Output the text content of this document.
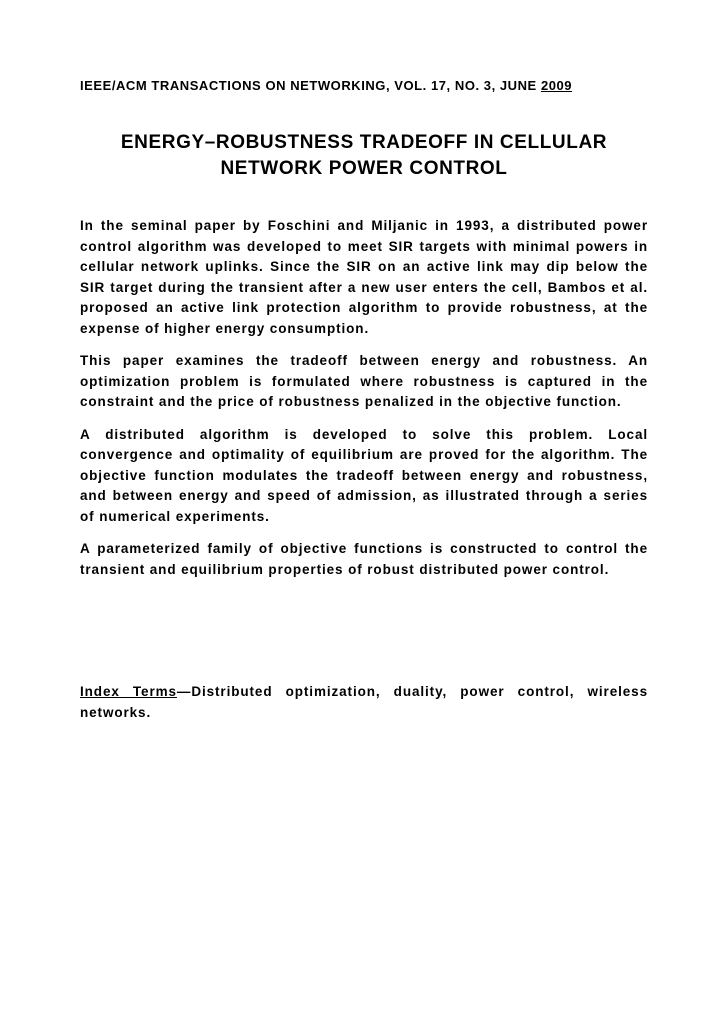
IEEE/ACM TRANSACTIONS ON NETWORKING, VOL. 17, NO. 3, JUNE 2009
ENERGY–ROBUSTNESS TRADEOFF IN CELLULAR
NETWORK POWER CONTROL

In the seminal paper by Foschini and Miljanic in 1993, a distributed power control algorithm was developed to meet SIR targets with minimal powers in cellular network uplinks. Since the SIR on an active link may dip below the SIR target during the transient after a new user enters the cell, Bambos et al. proposed an active link protection algorithm to provide robustness, at the expense of higher energy consumption.

This paper examines the tradeoff between energy and robustness. An optimization problem is formulated where robustness is captured in the constraint and the price of robustness penalized in the objective function.

A distributed algorithm is developed to solve this problem. Local convergence and optimality of equilibrium are proved for the algorithm. The objective function modulates the tradeoff between energy and robustness, and between energy and speed of admission, as illustrated through a series of numerical experiments.

A parameterized family of objective functions is constructed to control the transient and equilibrium properties of robust distributed power control.

Index Terms—Distributed optimization, duality, power control, wireless networks.
